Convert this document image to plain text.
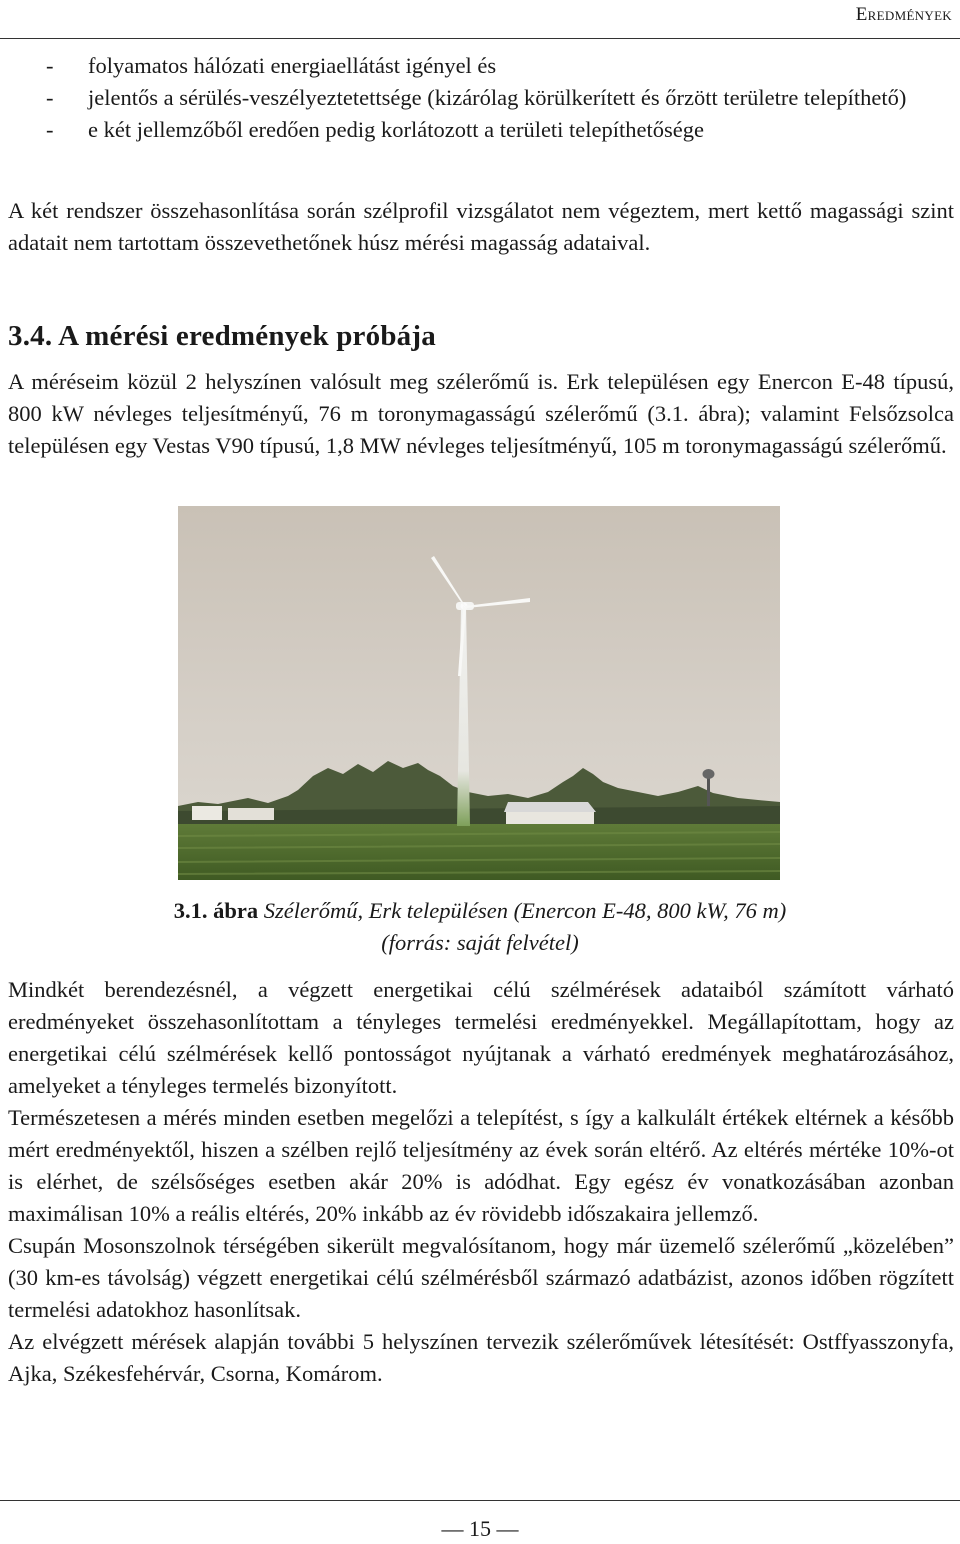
Eredmények
- folyamatos hálózati energiaellátást igényel és
- jelentős a sérülés-veszélyeztetettsége (kizárólag körülkerített és őrzött területre telepíthető)
- e két jellemzőből eredően pedig korlátozott a területi telepíthetősége

A két rendszer összehasonlítása során szélprofil vizsgálatot nem végeztem, mert kettő magassági szint adatait nem tartottam összevethetőnek húsz mérési magasság adataival.

3.4. A mérési eredmények próbája

A méréseim közül 2 helyszínen valósult meg szélerőmű is. Erk településen egy Enercon E-48 típusú, 800 kW névleges teljesítményű, 76 m toronymagasságú szélerőmű (3.1. ábra); valamint Felsőzsolca településen egy Vestas V90 típusú, 1,8 MW névleges teljesítményű, 105 m toronymagasságú szélerőmű.

3.1. ábra Szélerőmű, Erk településen (Enercon E-48, 800 kW, 76 m)
(forrás: saját felvétel)

Mindkét berendezésnél, a végzett energetikai célú szélmérések adataiból számított várható eredményeket összehasonlítottam a tényleges termelési eredményekkel. Megállapítottam, hogy az energetikai célú szélmérések kellő pontosságot nyújtanak a várható eredmények meghatározásához, amelyeket a tényleges termelés bizonyított.

Természetesen a mérés minden esetben megelőzi a telepítést, s így a kalkulált értékek eltérnek a később mért eredményektől, hiszen a szélben rejlő teljesítmény az évek során eltérő. Az eltérés mértéke 10%-ot is elérhet, de szélsőséges esetben akár 20% is adódhat. Egy egész év vonatkozásában azonban maximálisan 10% a reális eltérés, 20% inkább az év rövidebb időszakaira jellemző.

Csupán Mosonszolnok térségében sikerült megvalósítanom, hogy már üzemelő szélerőmű „közelében” (30 km-es távolság) végzett energetikai célú szélmérésből származó adatbázist, azonos időben rögzített termelési adatokhoz hasonlítsak.

Az elvégzett mérések alapján további 5 helyszínen tervezik szélerőművek létesítését: Ostffyasszonyfa, Ajka, Székesfehérvár, Csorna, Komárom.

— 15 —
